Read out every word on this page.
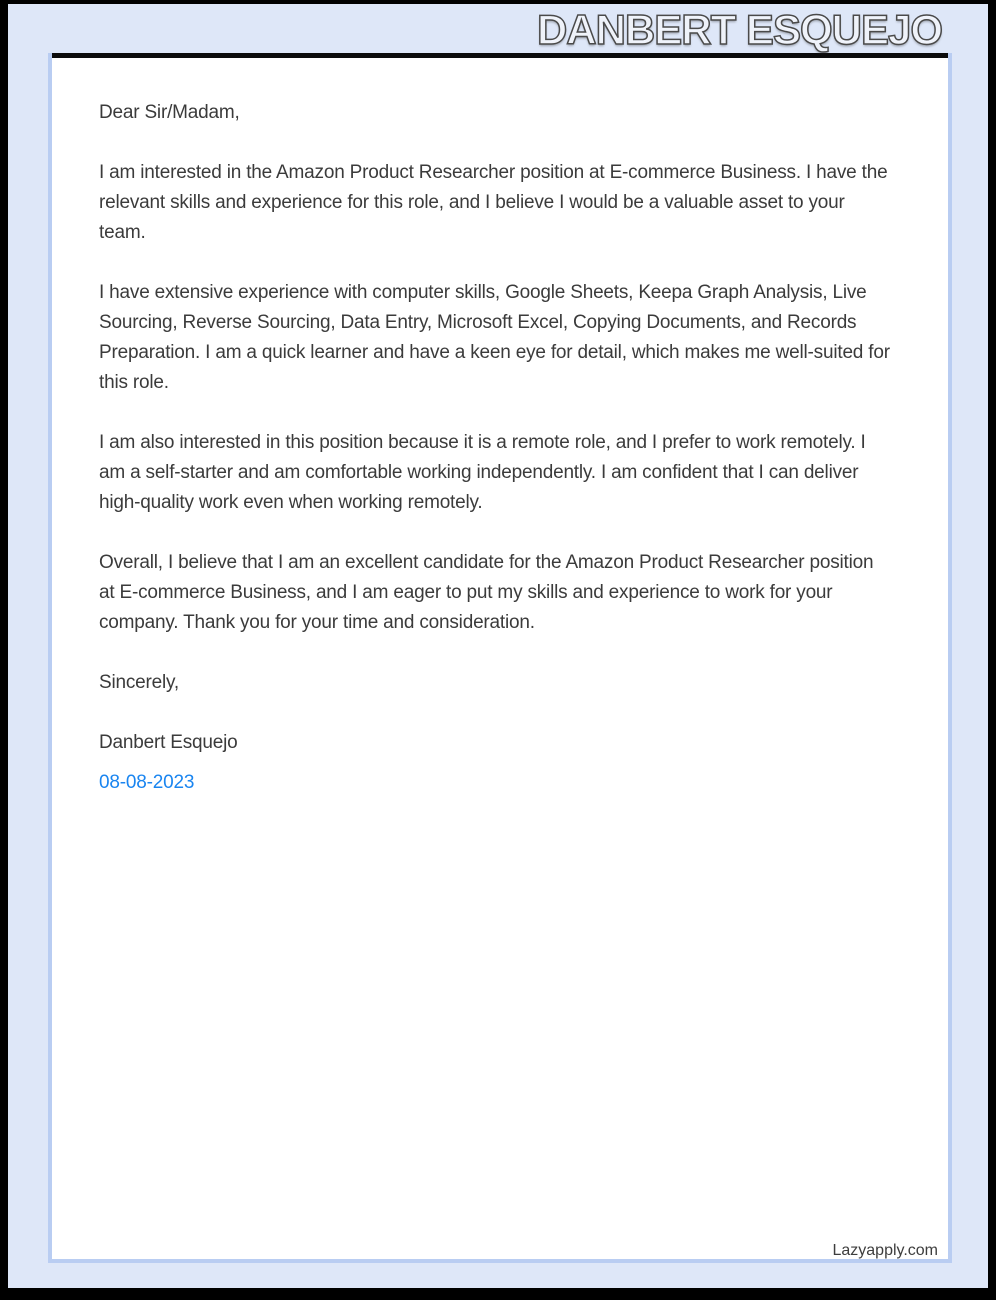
DANBERT ESQUEJO

Dear Sir/Madam,

I am interested in the Amazon Product Researcher position at E-commerce Business. I have the relevant skills and experience for this role, and I believe I would be a valuable asset to your team.

I have extensive experience with computer skills, Google Sheets, Keepa Graph Analysis, Live Sourcing, Reverse Sourcing, Data Entry, Microsoft Excel, Copying Documents, and Records Preparation. I am a quick learner and have a keen eye for detail, which makes me well-suited for this role.

I am also interested in this position because it is a remote role, and I prefer to work remotely. I am a self-starter and am comfortable working independently. I am confident that I can deliver high-quality work even when working remotely.

Overall, I believe that I am an excellent candidate for the Amazon Product Researcher position at E-commerce Business, and I am eager to put my skills and experience to work for your company. Thank you for your time and consideration.

Sincerely,

Danbert Esquejo

08-08-2023

Lazyapply.com
